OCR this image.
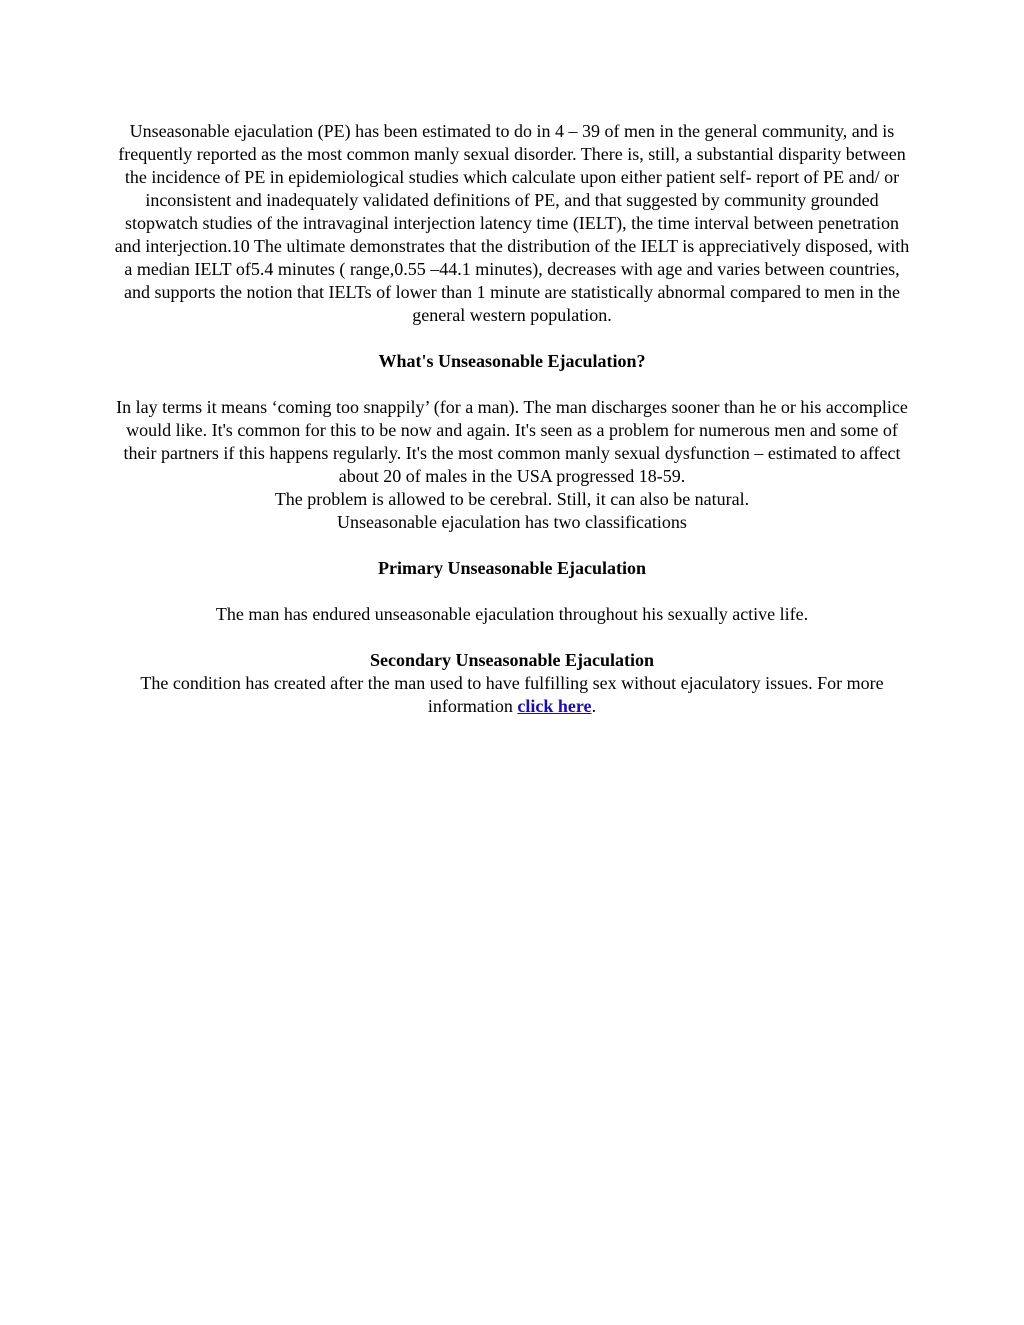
Unseasonable ejaculation (PE) has been estimated to do in 4 – 39 of men in the general community, and is frequently reported as the most common manly sexual disorder. There is, still, a substantial disparity between the incidence of PE in epidemiological studies which calculate upon either patient self- report of PE and/ or inconsistent and inadequately validated definitions of PE, and that suggested by community grounded stopwatch studies of the intravaginal interjection latency time (IELT), the time interval between penetration and interjection.10 The ultimate demonstrates that the distribution of the IELT is appreciatively disposed, with a median IELT of5.4 minutes ( range,0.55 –44.1 minutes), decreases with age and varies between countries, and supports the notion that IELTs of lower than 1 minute are statistically abnormal compared to men in the general western population.

What's Unseasonable Ejaculation?

In lay terms it means ‘coming too snappily’ (for a man). The man discharges sooner than he or his accomplice would like. It's common for this to be now and again. It's seen as a problem for numerous men and some of their partners if this happens regularly. It's the most common manly sexual dysfunction – estimated to affect about 20 of males in the USA progressed 18-59.

The problem is allowed to be cerebral. Still, it can also be natural.

Unseasonable ejaculation has two classifications

Primary Unseasonable Ejaculation

The man has endured unseasonable ejaculation throughout his sexually active life.

Secondary Unseasonable Ejaculation

The condition has created after the man used to have fulfilling sex without ejaculatory issues. For more information click here.
